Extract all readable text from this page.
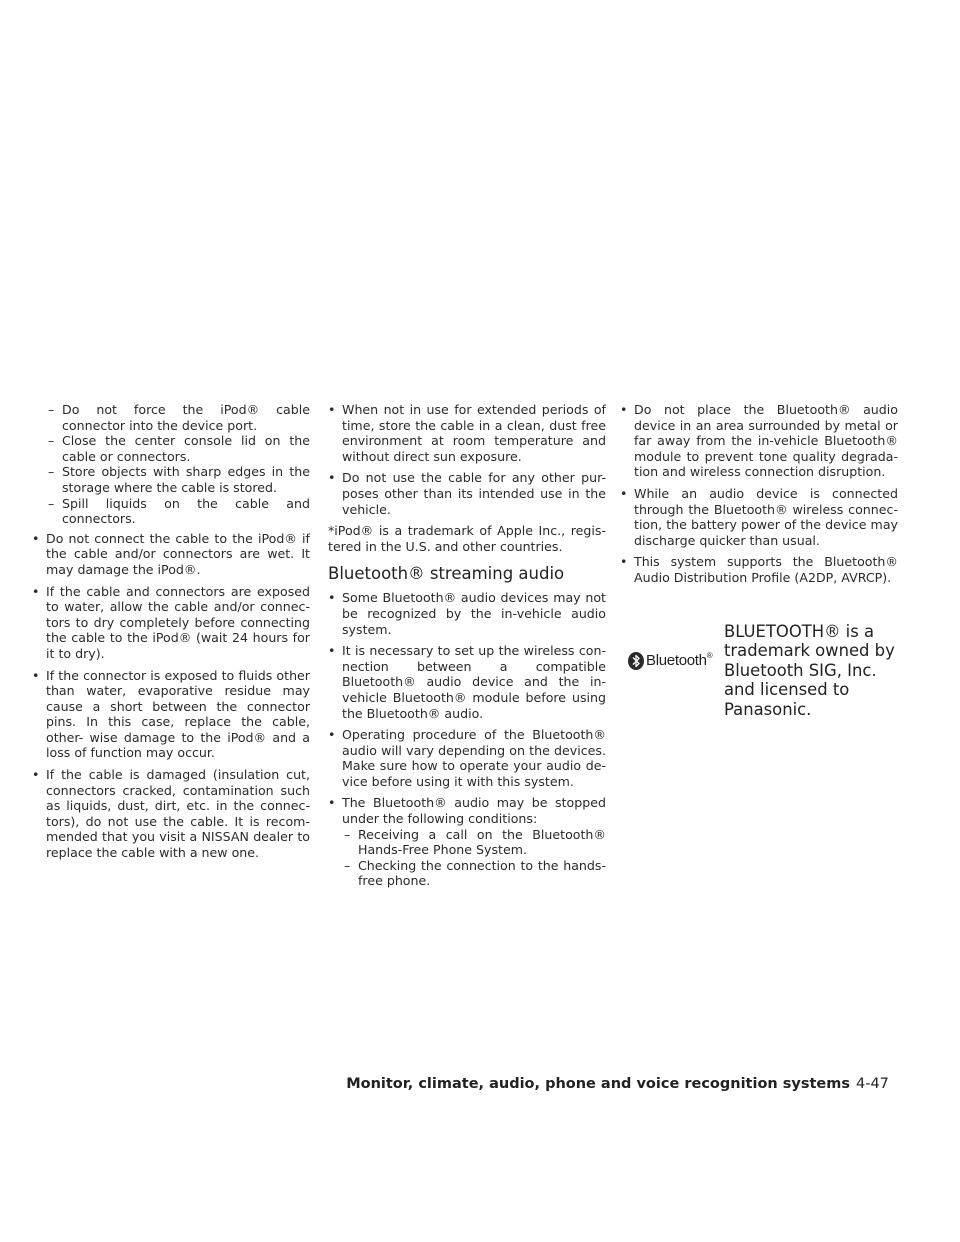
– Do not force the iPod® cable connector into the device port.
– Close the center console lid on the cable or connectors.
– Store objects with sharp edges in the storage where the cable is stored.
– Spill liquids on the cable and connectors.
• Do not connect the cable to the iPod® if the cable and/or connectors are wet. It may damage the iPod®.
• If the cable and connectors are exposed to water, allow the cable and/or connec- tors to dry completely before connecting the cable to the iPod® (wait 24 hours for it to dry).
• If the connector is exposed to fluids other than water, evaporative residue may cause a short between the connector pins. In this case, replace the cable, other- wise damage to the iPod® and a loss of function may occur.
• If the cable is damaged (insulation cut, connectors cracked, contamination such as liquids, dust, dirt, etc. in the connec- tors), do not use the cable. It is recom- mended that you visit a NISSAN dealer to replace the cable with a new one.
• When not in use for extended periods of time, store the cable in a clean, dust free environment at room temperature and without direct sun exposure.
• Do not use the cable for any other pur- poses other than its intended use in the vehicle.
*iPod® is a trademark of Apple Inc., regis- tered in the U.S. and other countries.
Bluetooth® streaming audio
• Some Bluetooth® audio devices may not be recognized by the in-vehicle audio system.
• It is necessary to set up the wireless con- nection between a compatible Bluetooth® audio device and the in- vehicle Bluetooth® module before using the Bluetooth® audio.
• Operating procedure of the Bluetooth® audio will vary depending on the devices. Make sure how to operate your audio de- vice before using it with this system.
• The Bluetooth® audio may be stopped under the following conditions:
– Receiving a call on the Bluetooth® Hands-Free Phone System.
– Checking the connection to the hands-free phone.
• Do not place the Bluetooth® audio device in an area surrounded by metal or far away from the in-vehicle Bluetooth® module to prevent tone quality degrada- tion and wireless connection disruption.
• While an audio device is connected through the Bluetooth® wireless connec- tion, the battery power of the device may discharge quicker than usual.
• This system supports the Bluetooth® Audio Distribution Profile (A2DP, AVRCP).
Bluetooth®
BLUETOOTH® is a trademark owned by Bluetooth SIG, Inc. and licensed to Panasonic.
Monitor, climate, audio, phone and voice recognition systems 4-47
